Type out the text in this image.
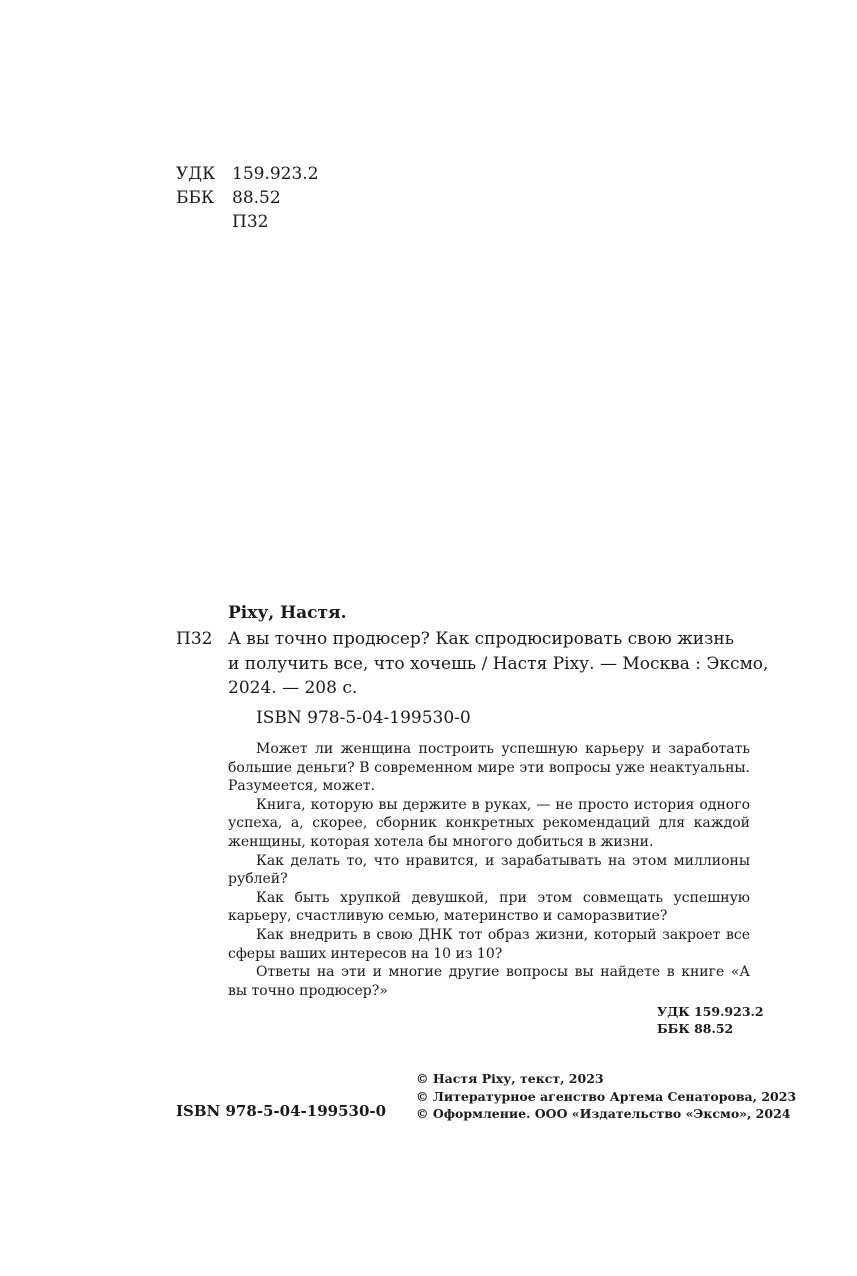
УДК 159.923.2
ББК 88.52
П32
Ріху, Настя.
П32 А вы точно продюсер? Как спродюсировать свою жизнь
и получить все, что хочешь / Настя Ріху. — Москва : Эксмо,
2024. — 208 с.
ISBN 978-5-04-199530-0

Может ли женщина построить успешную карьеру и заработать большие деньги? В современном мире эти вопросы уже неактуальны. Разумеется, может.

Книга, которую вы держите в руках, — не просто история одного успеха, а, скорее, сборник конкретных рекомендаций для каждой женщины, которая хотела бы многого добиться в жизни.

Как делать то, что нравится, и зарабатывать на этом миллионы рублей?

Как быть хрупкой девушкой, при этом совмещать успешную карьеру, счастливую семью, материнство и саморазвитие?

Как внедрить в свою ДНК тот образ жизни, который закроет все сферы ваших интересов на 10 из 10?

Ответы на эти и многие другие вопросы вы найдете в книге «А вы точно продюсер?»

УДК 159.923.2
ББК 88.52
© Настя Ріху, текст, 2023
© Литературное агенство Артема Сенаторова, 2023
© Оформление. ООО «Издательство «Эксмо», 2024
ISBN 978-5-04-199530-0
